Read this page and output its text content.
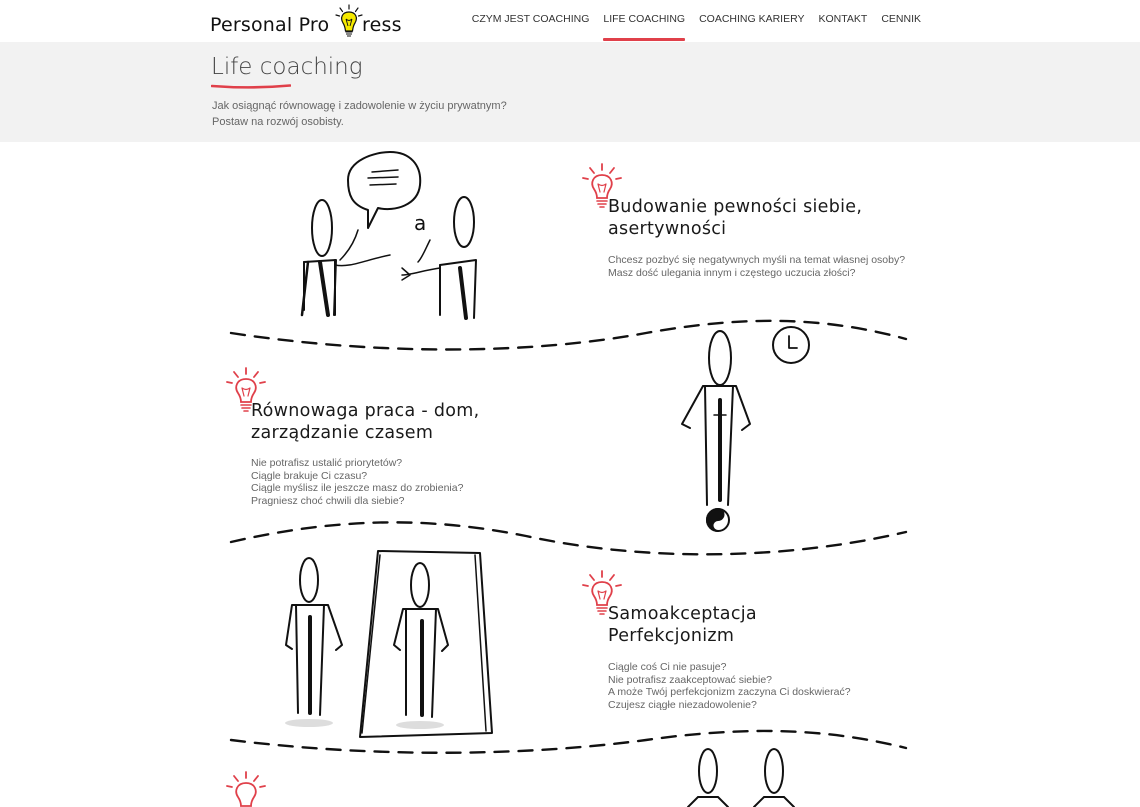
Personal Pro ress	CZYM JEST COACHING	LIFE COACHING	COACHING KARIERY	KONTAKT	CENNIK
Life coaching
Jak osiągnąć równowagę i zadowolenie w życiu prywatnym?
Postaw na rozwój osobisty.
a
Budowanie pewności siebie,
asertywności
Chcesz pozbyć się negatywnych myśli na temat własnej osoby?
Masz dość ulegania innym i częstego uczucia złości?
Równowaga praca - dom,
zarządzanie czasem
Nie potrafisz ustalić priorytetów?
Ciągle brakuje Ci czasu?
Ciągle myślisz ile jeszcze masz do zrobienia?
Pragniesz choć chwili dla siebie?
Samoakceptacja
Perfekcjonizm
Ciągle coś Ci nie pasuje?
Nie potrafisz zaakceptować siebie?
A może Twój perfekcjonizm zaczyna Ci doskwierać?
Czujesz ciągłe niezadowolenie?
